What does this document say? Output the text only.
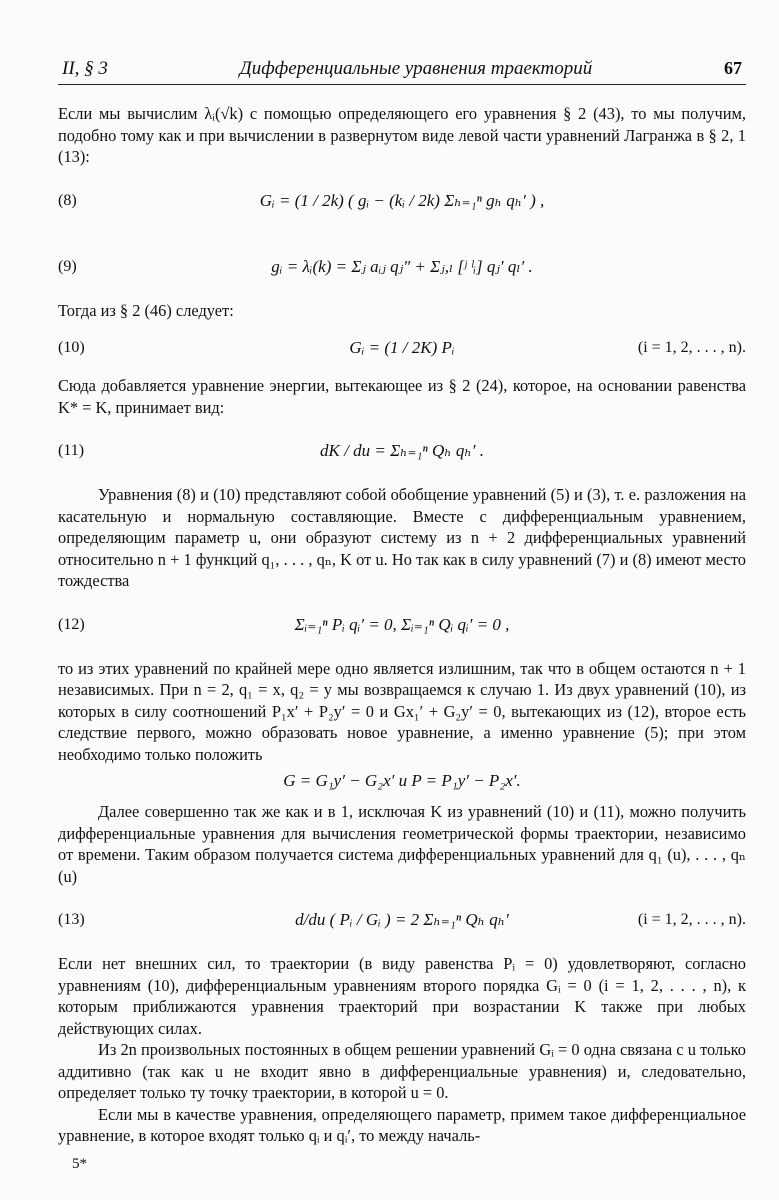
II, § 3	Дифференциальные уравнения траекторий	67

Если мы вычислим λᵢ(√k) с помощью определяющего его уравнения § 2 (43), то мы получим, подобно тому как и при вычислении в развернутом виде левой части уравнений Лагранжа в § 2, 1 (13):

(8)	Gᵢ = (1 / 2k) ( gᵢ − (kᵢ / 2k) Σₕ₌₁ⁿ gₕ qₕ′ ) ,
(9)	gᵢ = λᵢ(k) = Σⱼ aᵢⱼ qⱼ″ + Σⱼ,ₗ [ʲ ˡᵢ] qⱼ′ qₗ′ .

Тогда из § 2 (46) следует:

(10)	Gᵢ = (1 / 2K) Pᵢ	(i = 1, 2, . . . , n).

Сюда добавляется уравнение энергии, вытекающее из § 2 (24), которое, на основании равенства K* = K, принимает вид:

(11)	dK / du = Σₕ₌₁ⁿ Qₕ qₕ′ .

Уравнения (8) и (10) представляют собой обобщение уравнений (5) и (3), т. е. разложения на касательную и нормальную составляющие. Вместе с дифференциальным уравнением, определяющим параметр u, они образуют систему из n + 2 дифференциальных уравнений относительно n + 1 функций q₁, . . . , qₙ, K от u. Но так как в силу уравнений (7) и (8) имеют место тождества

(12)	Σᵢ₌₁ⁿ Pᵢ qᵢ′ = 0, Σᵢ₌₁ⁿ Qᵢ qᵢ′ = 0 ,

то из этих уравнений по крайней мере одно является излишним, так что в общем остаются n + 1 независимых. При n = 2, q₁ = x, q₂ = y мы возвращаемся к случаю 1. Из двух уравнений (10), из которых в силу соотношений P₁x′ + P₂y′ = 0 и Gx₁′ + G₂y′ = 0, вытекающих из (12), второе есть следствие первого, можно образовать новое уравнение, а именно уравнение (5); при этом необходимо только положить

G = G₁y′ − G₂x′ и P = P₁y′ − P₂x′.

Далее совершенно так же как и в 1, исключая K из уравнений (10) и (11), можно получить дифференциальные уравнения для вычисления геометрической формы траектории, независимо от времени. Таким образом получается система дифференциальных уравнений для q₁ (u), . . . , qₙ (u)

(13)	d/du ( Pᵢ / Gᵢ ) = 2 Σₕ₌₁ⁿ Qₕ qₕ′	(i = 1, 2, . . . , n).

Если нет внешних сил, то траектории (в виду равенства Pᵢ = 0) удовлетворяют, согласно уравнениям (10), дифференциальным уравнениям второго порядка Gᵢ = 0 (i = 1, 2, . . . , n), к которым приближаются уравнения траекторий при возрастании K также при любых действующих силах.

Из 2n произвольных постоянных в общем решении уравнений Gᵢ = 0 одна связана с u только аддитивно (так как u не входит явно в дифференциальные уравнения) и, следовательно, определяет только ту точку траектории, в которой u = 0.

Если мы в качестве уравнения, определяющего параметр, примем такое дифференциальное уравнение, в которое входят только qᵢ и qᵢ′, то между началь-

5*
